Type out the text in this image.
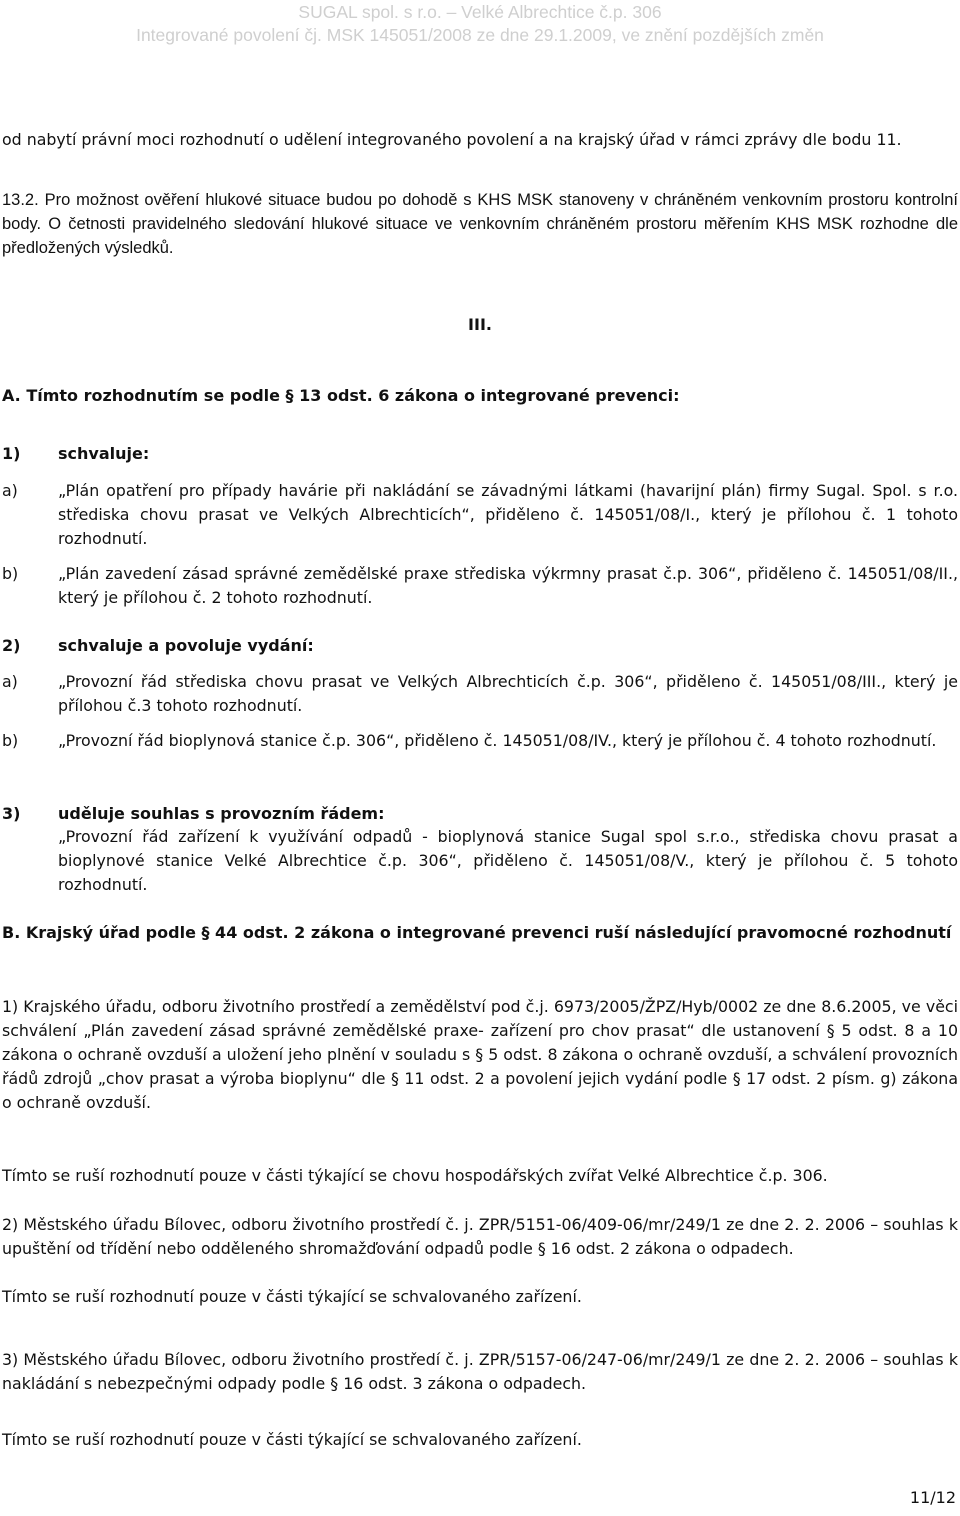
SUGAL spol. s r.o. – Velké Albrechtice č.p. 306
Integrované povolení čj. MSK 145051/2008 ze dne 29.1.2009, ve znění pozdějších změn

od nabytí právní moci rozhodnutí o udělení integrovaného povolení a na krajský úřad v rámci zprávy dle bodu 11.

13.2. Pro možnost ověření hlukové situace budou po dohodě s KHS MSK stanoveny v chráněném venkovním prostoru kontrolní body. O četnosti pravidelného sledování hlukové situace ve venkovním chráněném prostoru měřením KHS MSK rozhodne dle předložených výsledků.

III.

A. Tímto rozhodnutím se podle § 13 odst. 6 zákona o integrované prevenci:

1)	schvaluje:
a)	„Plán opatření pro případy havárie při nakládání se závadnými látkami (havarijní plán) firmy Sugal. Spol. s r.o. střediska chovu prasat ve Velkých Albrechticích“, přiděleno č. 145051/08/I., který je přílohou č. 1 tohoto rozhodnutí.
b)	„Plán zavedení zásad správné zemědělské praxe střediska výkrmny prasat č.p. 306“, přiděleno č. 145051/08/II., který je přílohou č. 2 tohoto rozhodnutí.
2)	schvaluje a povoluje vydání:
a)	„Provozní řád střediska chovu prasat ve Velkých Albrechticích č.p. 306“, přiděleno č. 145051/08/III., který je přílohou č.3 tohoto rozhodnutí.
b)	„Provozní řád bioplynová stanice č.p. 306“, přiděleno č. 145051/08/IV., který je přílohou č. 4 tohoto rozhodnutí.
3)	uděluje souhlas s provozním řádem:
„Provozní řád zařízení k využívání odpadů - bioplynová stanice Sugal spol s.r.o., střediska chovu prasat a bioplynové stanice Velké Albrechtice č.p. 306“, přiděleno č. 145051/08/V., který je přílohou č. 5 tohoto rozhodnutí.

B. Krajský úřad podle § 44 odst. 2 zákona o integrované prevenci ruší následující pravomocné rozhodnutí

1) Krajského úřadu, odboru životního prostředí a zemědělství pod č.j. 6973/2005/ŽPZ/Hyb/0002 ze dne 8.6.2005, ve věci schválení „Plán zavedení zásad správné zemědělské praxe- zařízení pro chov prasat“ dle ustanovení § 5 odst. 8 a 10 zákona o ochraně ovzduší a uložení jeho plnění v souladu s § 5 odst. 8 zákona o ochraně ovzduší, a schválení provozních řádů zdrojů „chov prasat a výroba bioplynu“ dle § 11 odst. 2 a povolení jejich vydání podle § 17 odst. 2 písm. g) zákona o ochraně ovzduší.

Tímto se ruší rozhodnutí pouze v části týkající se chovu hospodářských zvířat Velké Albrechtice č.p. 306.

2) Městského úřadu Bílovec, odboru životního prostředí č. j. ZPR/5151-06/409-06/mr/249/1 ze dne 2. 2. 2006 – souhlas k upuštění od třídění nebo odděleného shromažďování odpadů podle § 16 odst. 2 zákona o odpadech.

Tímto se ruší rozhodnutí pouze v části týkající se schvalovaného zařízení.

3) Městského úřadu Bílovec, odboru životního prostředí č. j. ZPR/5157-06/247-06/mr/249/1 ze dne 2. 2. 2006 – souhlas k nakládání s nebezpečnými odpady podle § 16 odst. 3 zákona o odpadech.

Tímto se ruší rozhodnutí pouze v části týkající se schvalovaného zařízení.

11/12
